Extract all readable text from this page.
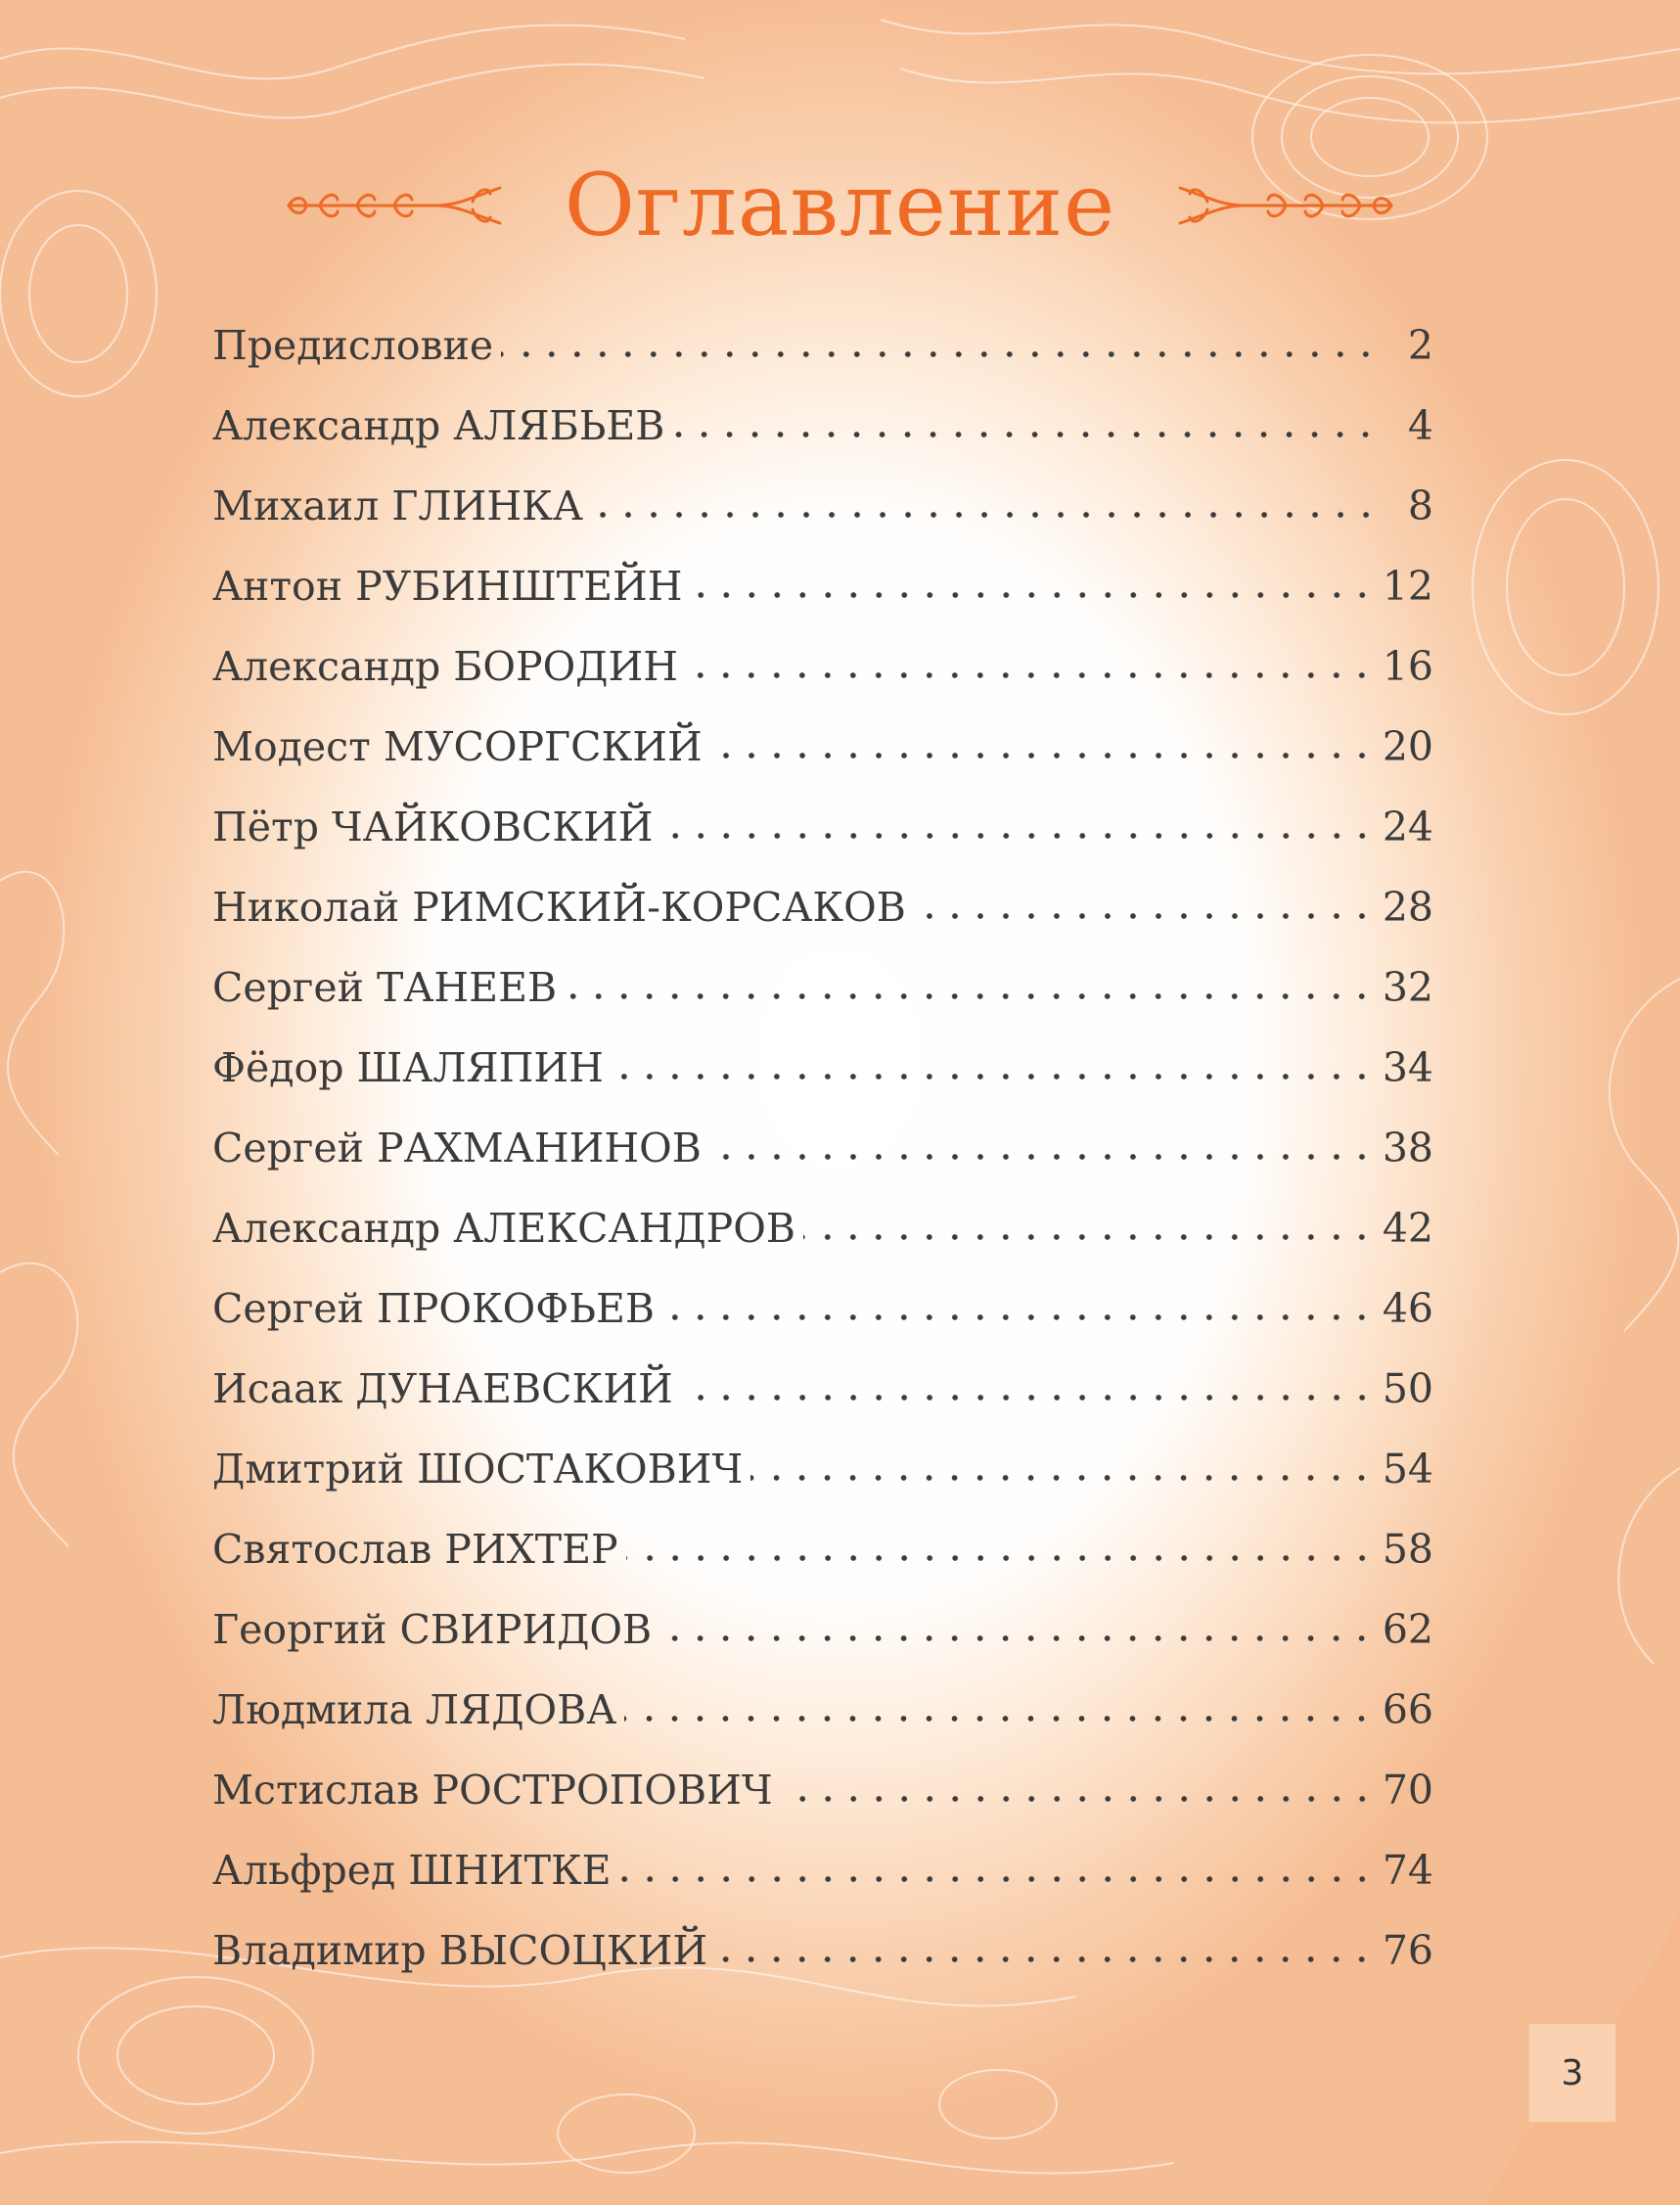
Оглавление
Предисловие	2
Александр АЛЯБЬЕВ	4
Михаил ГЛИНКА	8
Антон РУБИНШТЕЙН	12
Александр БОРОДИН	16
Модест МУСОРГСКИЙ	20
Пётр ЧАЙКОВСКИЙ	24
Николай РИМСКИЙ-КОРСАКОВ	28
Сергей ТАНЕЕВ	32
Фёдор ШАЛЯПИН	34
Сергей РАХМАНИНОВ	38
Александр АЛЕКСАНДРОВ	42
Сергей ПРОКОФЬЕВ	46
Исаак ДУНАЕВСКИЙ	50
Дмитрий ШОСТАКОВИЧ	54
Святослав РИХТЕР	58
Георгий СВИРИДОВ	62
Людмила ЛЯДОВА	66
Мстислав РОСТРОПОВИЧ	70
Альфред ШНИТКЕ	74
Владимир ВЫСОЦКИЙ	76
3
